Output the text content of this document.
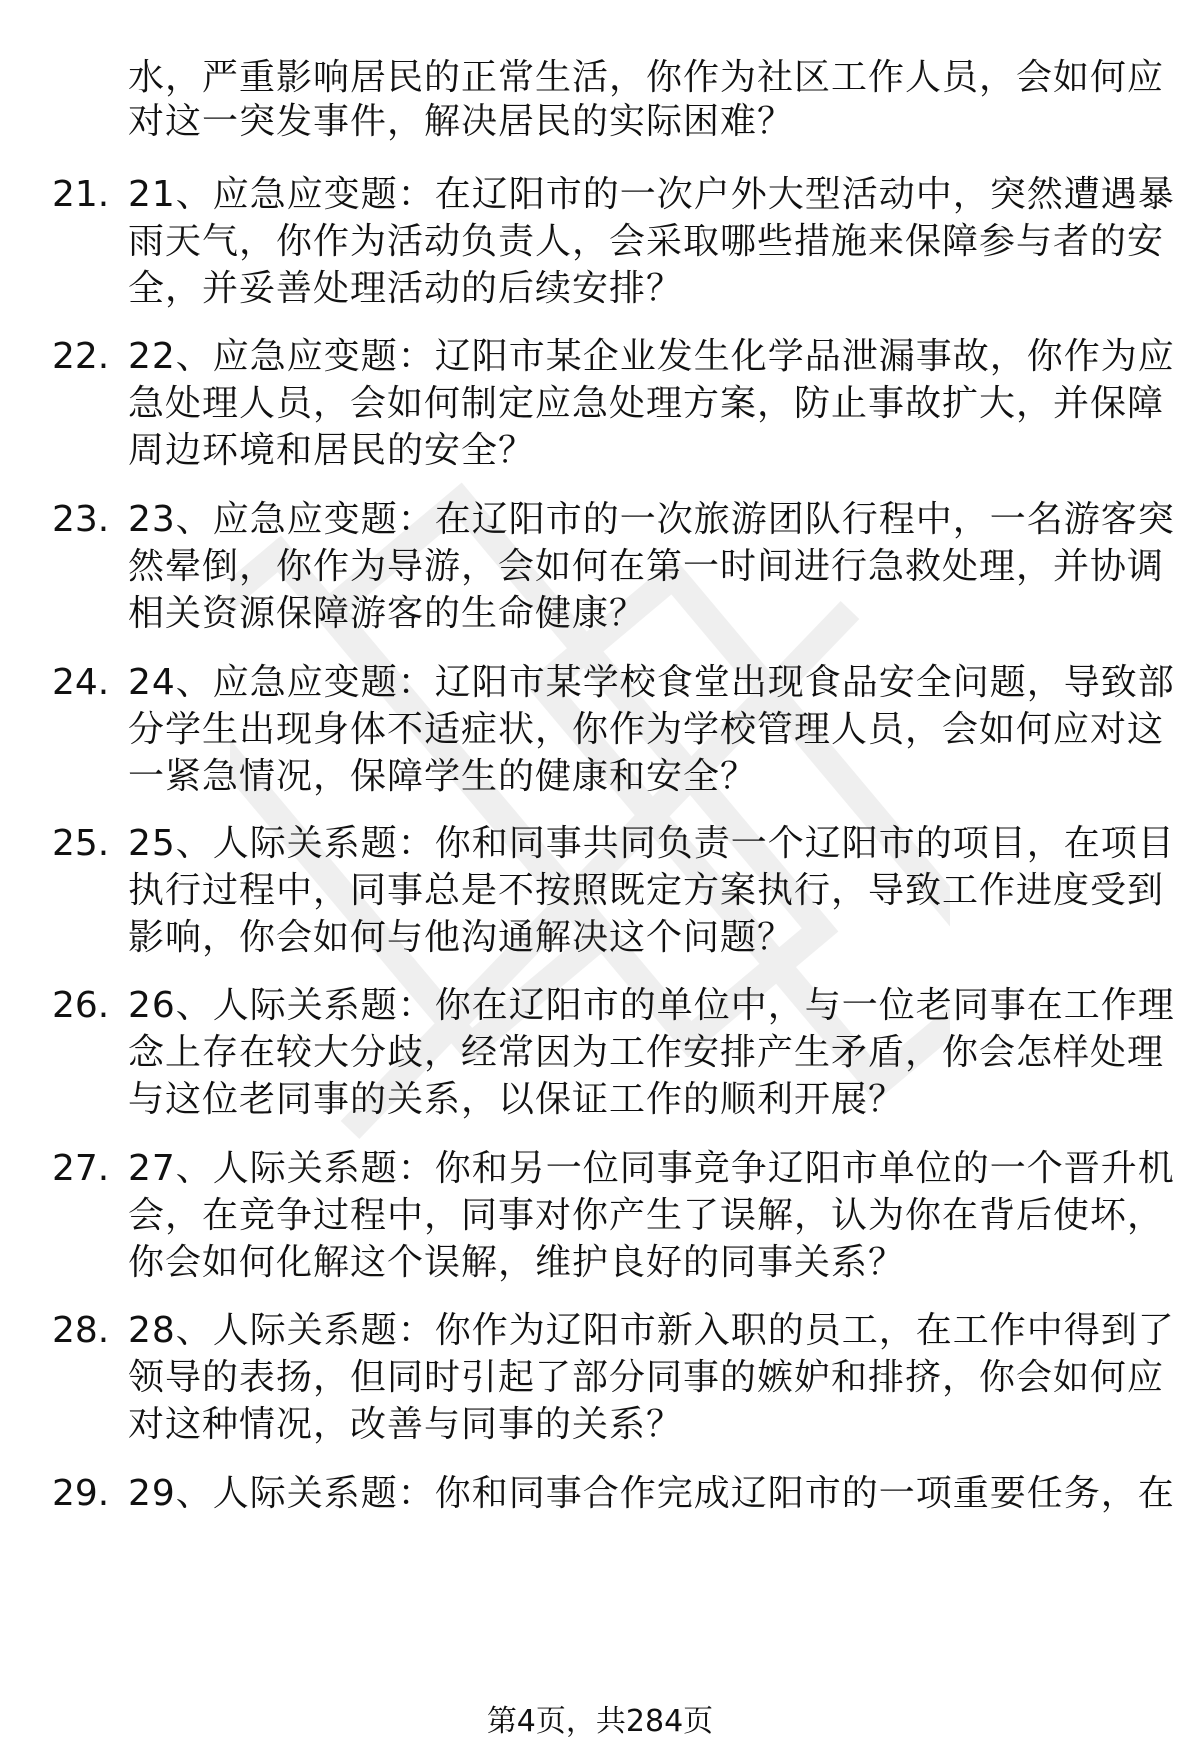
水，严重影响居民的正常生活，你作为社区工作人员，会如何应
对这一突发事件，解决居民的实际困难？
21. 21、应急应变题：在辽阳市的一次户外大型活动中，突然遭遇暴
雨天气，你作为活动负责人，会采取哪些措施来保障参与者的安
全，并妥善处理活动的后续安排？
22. 22、应急应变题：辽阳市某企业发生化学品泄漏事故，你作为应
急处理人员，会如何制定应急处理方案，防止事故扩大，并保障
周边环境和居民的安全？
23. 23、应急应变题：在辽阳市的一次旅游团队行程中，一名游客突
然晕倒，你作为导游，会如何在第一时间进行急救处理，并协调
相关资源保障游客的生命健康？
24. 24、应急应变题：辽阳市某学校食堂出现食品安全问题，导致部
分学生出现身体不适症状，你作为学校管理人员，会如何应对这
一紧急情况，保障学生的健康和安全？
25. 25、人际关系题：你和同事共同负责一个辽阳市的项目，在项目
执行过程中，同事总是不按照既定方案执行，导致工作进度受到
影响，你会如何与他沟通解决这个问题？
26. 26、人际关系题：你在辽阳市的单位中，与一位老同事在工作理
念上存在较大分歧，经常因为工作安排产生矛盾，你会怎样处理
与这位老同事的关系，以保证工作的顺利开展？
27. 27、人际关系题：你和另一位同事竞争辽阳市单位的一个晋升机
会，在竞争过程中，同事对你产生了误解，认为你在背后使坏，
你会如何化解这个误解，维护良好的同事关系？
28. 28、人际关系题：你作为辽阳市新入职的员工，在工作中得到了
领导的表扬，但同时引起了部分同事的嫉妒和排挤，你会如何应
对这种情况，改善与同事的关系？
29. 29、人际关系题：你和同事合作完成辽阳市的一项重要任务，在
第4页，共284页
